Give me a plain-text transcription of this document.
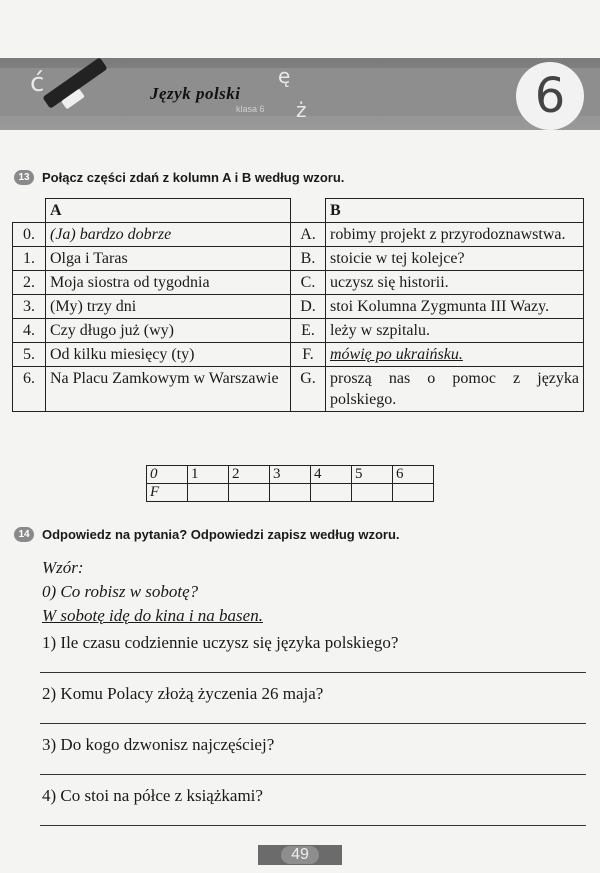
ć	ę
ż
Język polski
klasa 6	6
13 Połącz części zdań z kolumn A i B według wzoru.
	A		B
0.	(Ja) bardzo dobrze	A.	robimy projekt z przyrodoznawstwa.
1.	Olga i Taras	B.	stoicie w tej kolejce?
2.	Moja siostra od tygodnia	C.	uczysz się historii.
3.	(My) trzy dni	D.	stoi Kolumna Zygmunta III Wazy.
4.	Czy długo już (wy)	E.	leży w szpitalu.
5.	Od kilku miesięcy (ty)	F.	mówię po ukraińsku.
6.	Na Placu Zamkowym w Warszawie	G.	proszą nas o pomoc z języka polskiego.
0	1	2	3	4	5	6
F						
14 Odpowiedz na pytania? Odpowiedzi zapisz według wzoru.
Wzór:
0) Co robisz w sobotę?
W sobotę idę do kina i na basen.
1) Ile czasu codziennie uczysz się języka polskiego?
2) Komu Polacy złożą życzenia 26 maja?
3) Do kogo dzwonisz najczęściej?
4) Co stoi na półce z książkami?
49
